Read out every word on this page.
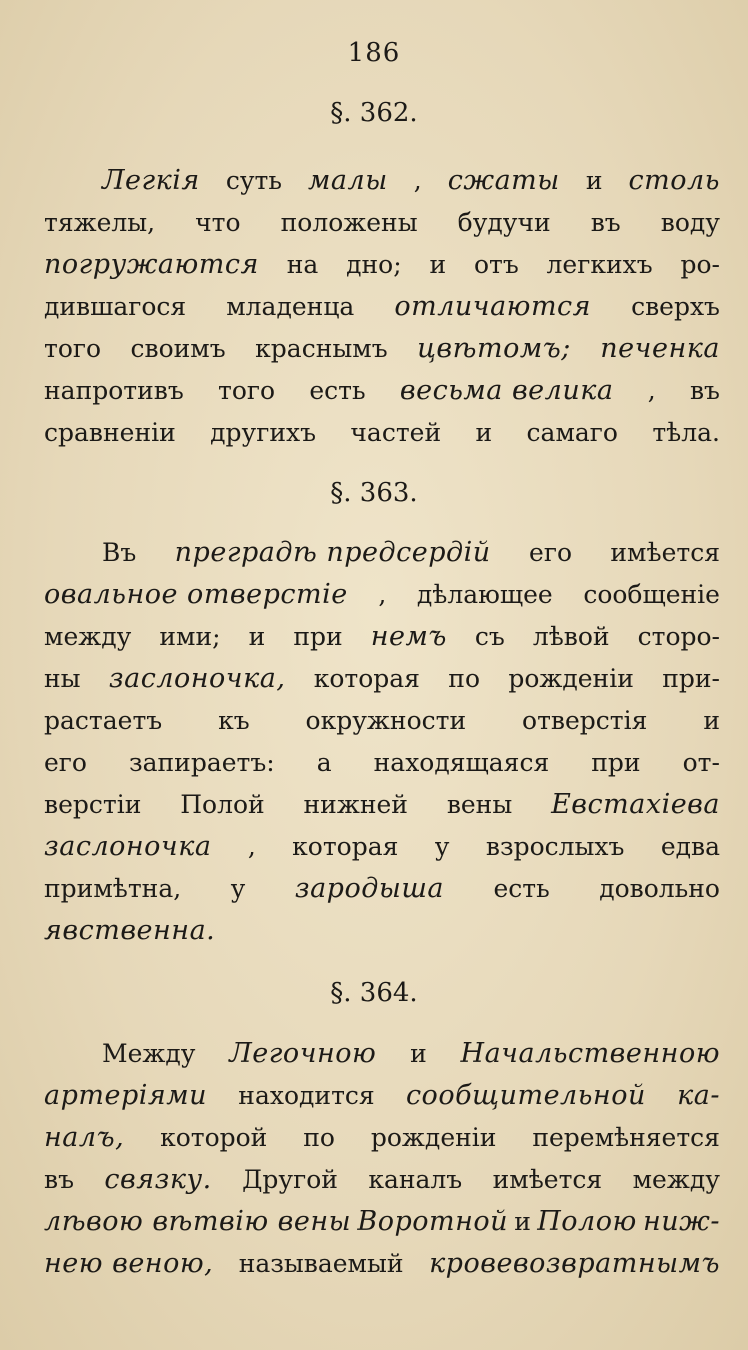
186
§. 362.
Легкія суть малы , сжаты и столь
тяжелы, что положены будучи въ воду
погружаются на дно; и отъ легкихъ ро-
дившагося младенца отличаются сверхъ
того своимъ краснымъ цвѣтомъ; печенка
напротивъ того есть весьма велика , въ
сравненіи другихъ частей и самаго тѣла.
§. 363.
Въ преградѣ предсердій его имѣется
овальное отверстіе , дѣлающее сообщеніе
между ими; и при немъ съ лѣвой сторо-
ны заслоночка, которая по рожденіи при-
растаетъ къ окружности отверстія и
его запираетъ: а находящаяся при от-
верстіи Полой нижней вены Евстахіева
заслоночка , которая у взрослыхъ едва
примѣтна, у зародыша есть довольно
явственна.
§. 364.
Между Легочною и Начальственною
артеріями находится сообщительной ка-
налъ, которой по рожденіи перемѣняется
въ связку. Другой каналъ имѣется между
лѣвою вѣтвію вены Воротной и Полою ниж-
нею веною, называемый кровевозвратнымъ
